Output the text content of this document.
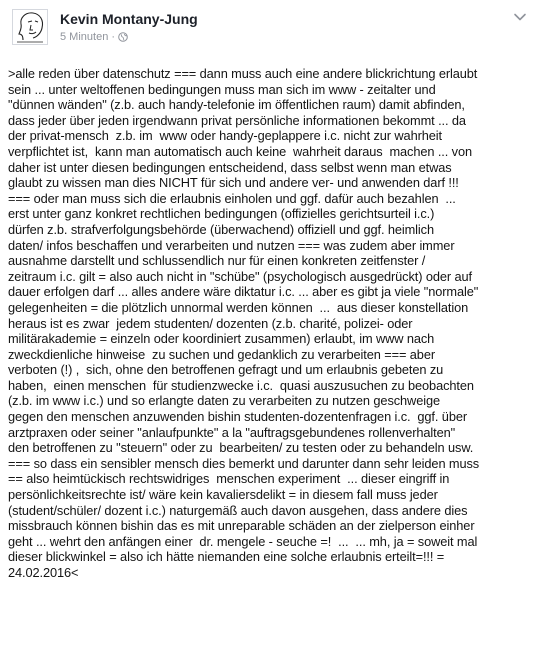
Kevin Montany-Jung
5 Minuten ·
>alle reden über datenschutz === dann muss auch eine andere blickrichtung erlaubt
sein ... unter weltoffenen bedingungen muss man sich im www - zeitalter und
"dünnen wänden" (z.b. auch handy-telefonie im öffentlichen raum) damit abfinden,
dass jeder über jeden irgendwann privat persönliche informationen bekommt ... da
der privat-mensch  z.b. im  www oder handy-geplappere i.c. nicht zur wahrheit
verpflichtet ist,  kann man automatisch auch keine  wahrheit daraus  machen ... von
daher ist unter diesen bedingungen entscheidend, dass selbst wenn man etwas
glaubt zu wissen man dies NICHT für sich und andere ver- und anwenden darf !!!
=== oder man muss sich die erlaubnis einholen und ggf. dafür auch bezahlen  ...
erst unter ganz konkret rechtlichen bedingungen (offizielles gerichtsurteil i.c.)
dürfen z.b. strafverfolgungsbehörde (überwachend) offiziell und ggf. heimlich
daten/ infos beschaffen und verarbeiten und nutzen === was zudem aber immer
ausnahme darstellt und schlussendlich nur für einen konkreten zeitfenster /
zeitraum i.c. gilt = also auch nicht in "schübe" (psychologisch ausgedrückt) oder auf
dauer erfolgen darf ... alles andere wäre diktatur i.c. ... aber es gibt ja viele "normale"
gelegenheiten = die plötzlich unnormal werden können  ...  aus dieser konstellation
heraus ist es zwar  jedem studenten/ dozenten (z.b. charité, polizei- oder
militärakademie = einzeln oder koordiniert zusammen) erlaubt, im www nach
zweckdienliche hinweise  zu suchen und gedanklich zu verarbeiten === aber
verboten (!) ,  sich, ohne den betroffenen gefragt und um erlaubnis gebeten zu
haben,  einen menschen  für studienzwecke i.c.  quasi auszusuchen zu beobachten
(z.b. im www i.c.) und so erlangte daten zu verarbeiten zu nutzen geschweige
gegen den menschen anzuwenden bishin studenten-dozentenfragen i.c.  ggf. über
arztpraxen oder seiner "anlaufpunkte" a la "auftragsgebundenes rollenverhalten"
den betroffenen zu "steuern" oder zu  bearbeiten/ zu testen oder zu behandeln usw.
=== so dass ein sensibler mensch dies bemerkt und darunter dann sehr leiden muss
== also heimtückisch rechtswidriges  menschen experiment  ... dieser eingriff in
persönlichkeitsrechte ist/ wäre kein kavaliersdelikt = in diesem fall muss jeder
(student/schüler/ dozent i.c.) naturgemäß auch davon ausgehen, dass andere dies
missbrauch können bishin das es mit unreparable schäden an der zielperson einher
geht ... wehrt den anfängen einer  dr. mengele - seuche =!  ...  ... mh, ja = soweit mal
dieser blickwinkel = also ich hätte niemanden eine solche erlaubnis erteilt=!!! =
24.02.2016<
